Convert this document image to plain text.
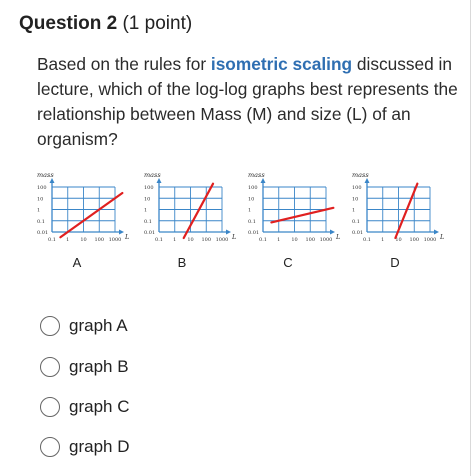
Question 2 (1 point)
Based on the rules for isometric scaling discussed in lecture, which of the log-log graphs best represents the relationship between Mass (M) and size (L) of an organism?
mass
L
100
10
1
0.1
0.01
0.1 1 10 100 1000
A
mass
L
100
10
1
0.1
0.01
0.1 1 10 100 1000
B
mass
L
100
10
1
0.1
0.01
0.1 1 10 100 1000
C
mass
L
100
10
1
0.1
0.01
0.1 1 10 100 1000
D
graph A
graph B
graph C
graph D
